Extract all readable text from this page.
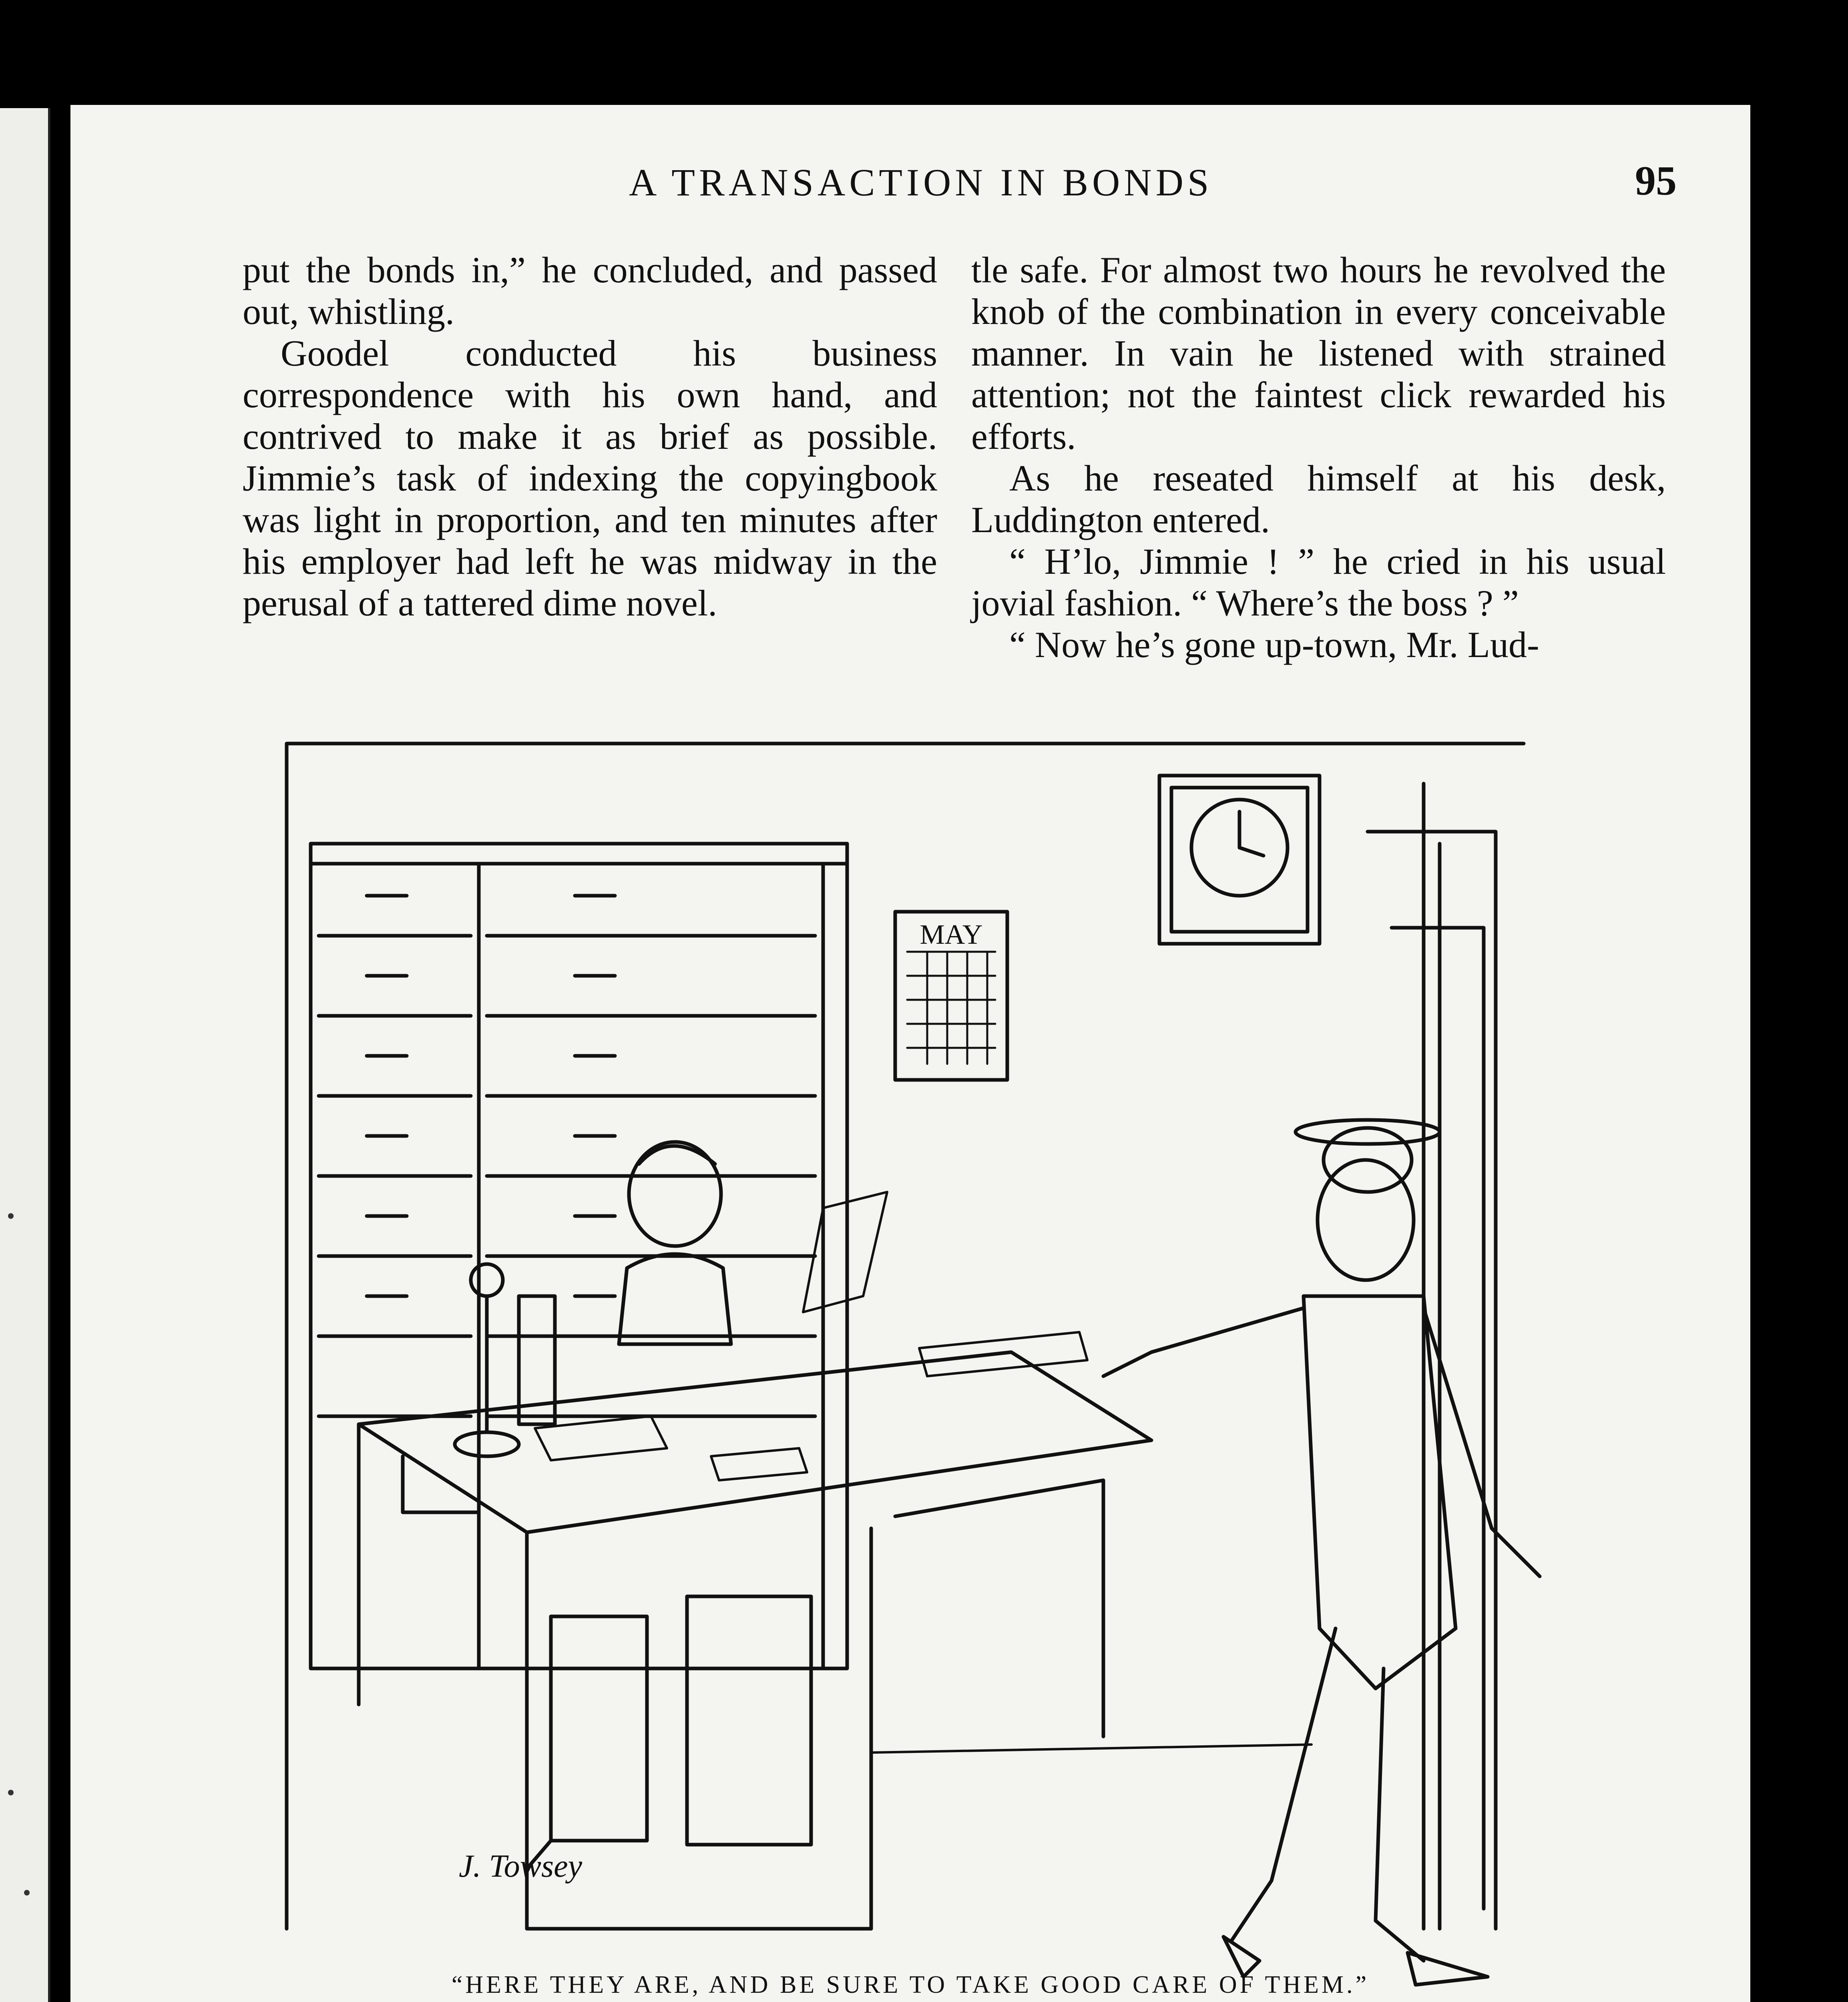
A TRANSACTION IN BONDS	95

put the bonds in,” he concluded, and passed out, whistling.

Goodel conducted his business correspondence with his own hand, and contrived to make it as brief as possible. Jimmie’s task of indexing the copyingbook was light in proportion, and ten minutes after his employer had left he was midway in the perusal of a tattered dime novel.

tle safe. For almost two hours he revolved the knob of the combination in every conceivable manner. In vain he listened with strained attention; not the faintest click rewarded his efforts.

As he reseated himself at his desk, Luddington entered.

“ H’lo, Jimmie ! ” he cried in his usual jovial fashion. “ Where’s the boss ? ”

“ Now he’s gone up-town, Mr. Lud-

MAY
J. Towsey
“HERE THEY ARE, AND BE SURE TO TAKE GOOD CARE OF THEM.”
